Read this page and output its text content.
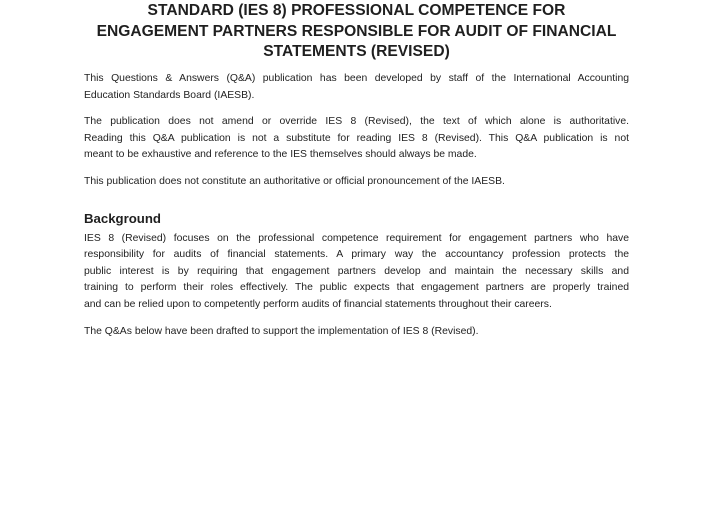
STANDARD (IES 8) PROFESSIONAL COMPETENCE FOR
ENGAGEMENT PARTNERS RESPONSIBLE FOR AUDIT OF FINANCIAL
STATEMENTS (REVISED)

This Questions & Answers (Q&A) publication has been developed by staff of the International Accounting
Education Standards Board (IAESB).

The publication does not amend or override IES 8 (Revised), the text of which alone is authoritative.
Reading this Q&A publication is not a substitute for reading IES 8 (Revised). This Q&A publication is not
meant to be exhaustive and reference to the IES themselves should always be made.

This publication does not constitute an authoritative or official pronouncement of the IAESB.

Background

IES 8 (Revised) focuses on the professional competence requirement for engagement partners who have
responsibility for audits of financial statements. A primary way the accountancy profession protects the
public interest is by requiring that engagement partners develop and maintain the necessary skills and
training to perform their roles effectively. The public expects that engagement partners are properly trained
and can be relied upon to competently perform audits of financial statements throughout their careers.

The Q&As below have been drafted to support the implementation of IES 8 (Revised).
